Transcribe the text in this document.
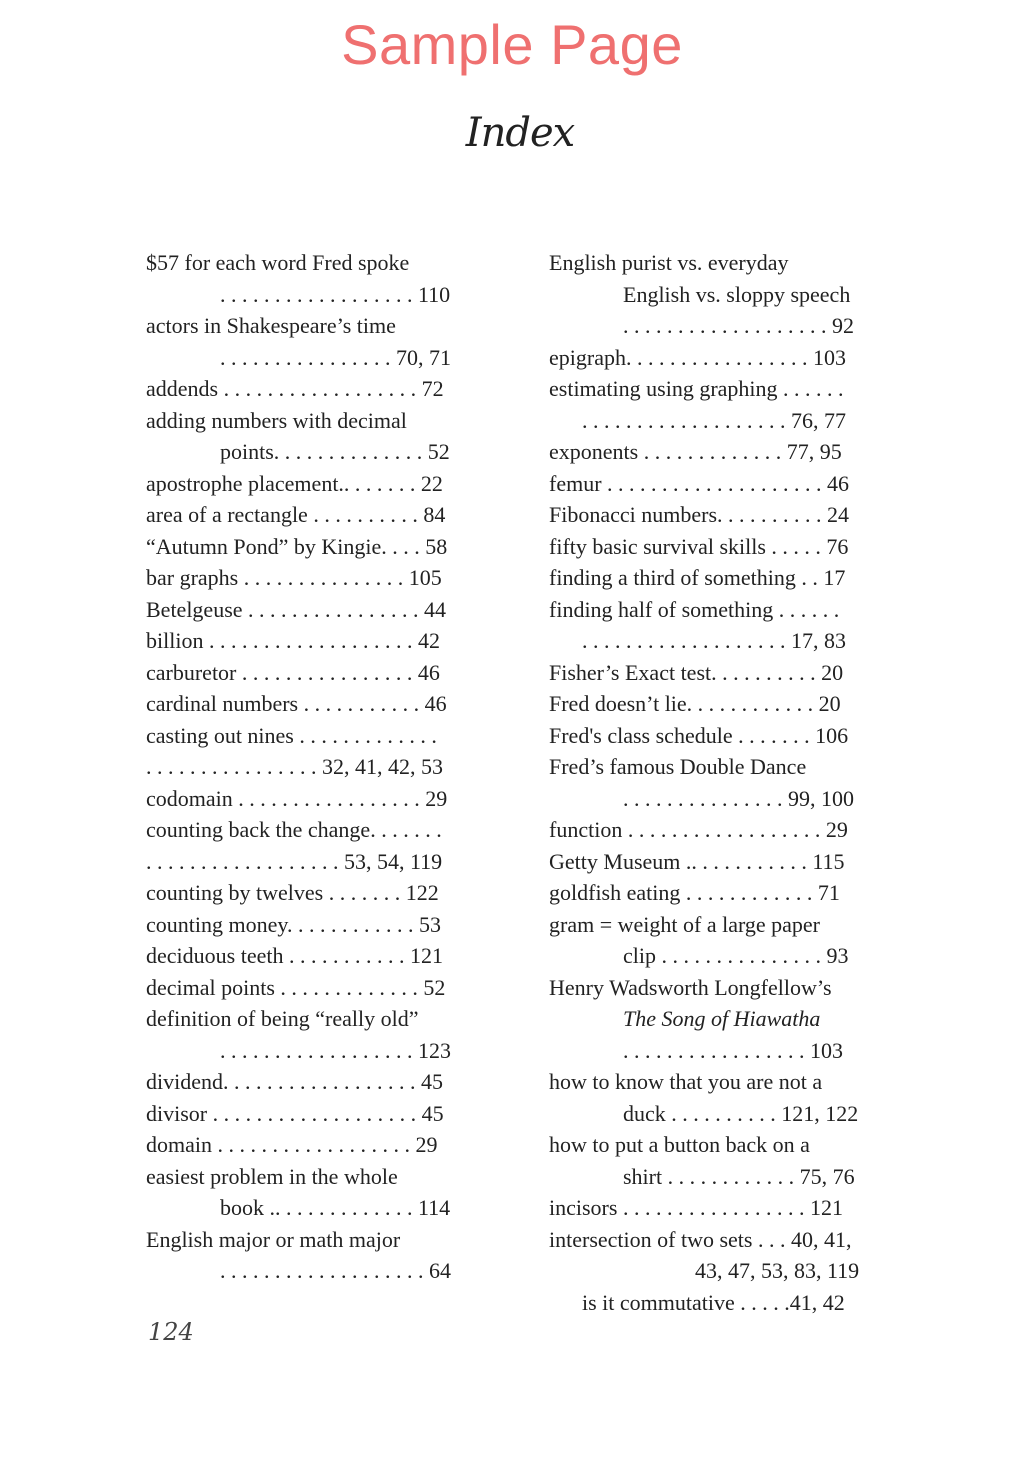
Sample Page
Index
$57 for each word Fred spoke
. . . . . . . . . . . . . . . . . . 110
actors in Shakespeare’s time
. . . . . . . . . . . . . . . . 70, 71
addends . . . . . . . . . . . . . . . . . . 72
adding numbers with decimal
points. . . . . . . . . . . . . . 52
apostrophe placement.. . . . . . . 22
area of a rectangle . . . . . . . . . . 84
“Autumn Pond” by Kingie. . . . 58
bar graphs . . . . . . . . . . . . . . . 105
Betelgeuse . . . . . . . . . . . . . . . . 44
billion . . . . . . . . . . . . . . . . . . . 42
carburetor . . . . . . . . . . . . . . . . 46
cardinal numbers . . . . . . . . . . . 46
casting out nines . . . . . . . . . . . . .
. . . . . . . . . . . . . . . . 32, 41, 42, 53
codomain . . . . . . . . . . . . . . . . . 29
counting back the change. . . . . . .
. . . . . . . . . . . . . . . . . . 53, 54, 119
counting by twelves . . . . . . . 122
counting money. . . . . . . . . . . . 53
deciduous teeth . . . . . . . . . . . 121
decimal points . . . . . . . . . . . . . 52
definition of being “really old”
. . . . . . . . . . . . . . . . . . 123
dividend. . . . . . . . . . . . . . . . . . 45
divisor . . . . . . . . . . . . . . . . . . . 45
domain . . . . . . . . . . . . . . . . . . 29
easiest problem in the whole
book .. . . . . . . . . . . . . 114
English major or math major
. . . . . . . . . . . . . . . . . . . 64
English purist vs. everyday
English vs. sloppy speech
. . . . . . . . . . . . . . . . . . . 92
epigraph. . . . . . . . . . . . . . . . . 103
estimating using graphing . . . . . .
. . . . . . . . . . . . . . . . . . . 76, 77
exponents . . . . . . . . . . . . . 77, 95
femur . . . . . . . . . . . . . . . . . . . . 46
Fibonacci numbers. . . . . . . . . . 24
fifty basic survival skills . . . . . 76
finding a third of something . . 17
finding half of something . . . . . .
. . . . . . . . . . . . . . . . . . . 17, 83
Fisher’s Exact test. . . . . . . . . . 20
Fred doesn’t lie. . . . . . . . . . . . 20
Fred's class schedule . . . . . . . 106
Fred’s famous Double Dance
. . . . . . . . . . . . . . . 99, 100
function . . . . . . . . . . . . . . . . . . 29
Getty Museum .. . . . . . . . . . . 115
goldfish eating . . . . . . . . . . . . 71
gram = weight of a large paper
clip . . . . . . . . . . . . . . . 93
Henry Wadsworth Longfellow’s
The Song of Hiawatha
. . . . . . . . . . . . . . . . . 103
how to know that you are not a
duck . . . . . . . . . . 121, 122
how to put a button back on a
shirt . . . . . . . . . . . . 75, 76
incisors . . . . . . . . . . . . . . . . . 121
intersection of two sets . . . 40, 41,
43, 47, 53, 83, 119
is it commutative . . . . .41, 42
124
